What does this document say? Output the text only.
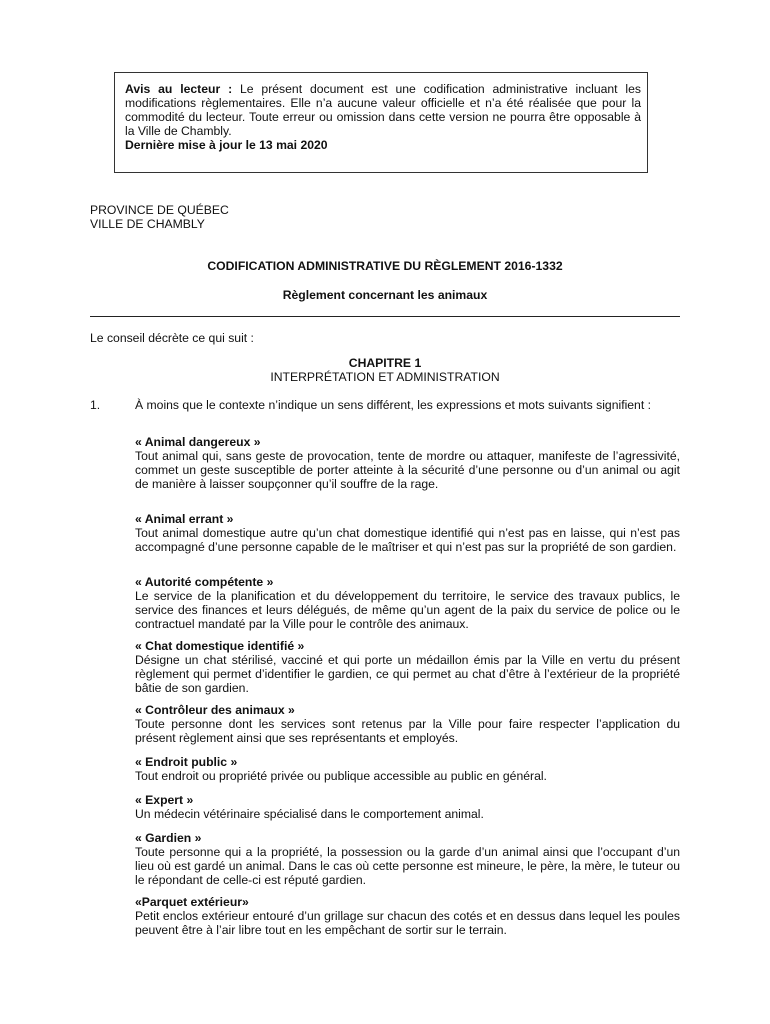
Avis au lecteur : Le présent document est une codification administrative incluant les modifications règlementaires. Elle n’a aucune valeur officielle et n’a été réalisée que pour la commodité du lecteur. Toute erreur ou omission dans cette version ne pourra être opposable à la Ville de Chambly.
Dernière mise à jour le 13 mai 2020
PROVINCE DE QUÉBEC
VILLE DE CHAMBLY
CODIFICATION ADMINISTRATIVE DU RÈGLEMENT 2016-1332
Règlement concernant les animaux
Le conseil décrète ce qui suit :
CHAPITRE 1
INTERPRÉTATION ET ADMINISTRATION
1.	À moins que le contexte n’indique un sens différent, les expressions et mots suivants signifient :
« Animal dangereux »
Tout animal qui, sans geste de provocation, tente de mordre ou attaquer, manifeste de l’agressivité, commet un geste susceptible de porter atteinte à la sécurité d’une personne ou d’un animal ou agit de manière à laisser soupçonner qu’il souffre de la rage.
« Animal errant »
Tout animal domestique autre qu’un chat domestique identifié qui n’est pas en laisse, qui n’est pas accompagné d’une personne capable de le maîtriser et qui n’est pas sur la propriété de son gardien.
« Autorité compétente »
Le service de la planification et du développement du territoire, le service des travaux publics, le service des finances et leurs délégués, de même qu’un agent de la paix du service de police ou le contractuel mandaté par la Ville pour le contrôle des animaux.
« Chat domestique identifié »
Désigne un chat stérilisé, vacciné et qui porte un médaillon émis par la Ville en vertu du présent règlement qui permet d’identifier le gardien, ce qui permet au chat d’être à l’extérieur de la propriété bâtie de son gardien.
« Contrôleur des animaux »
Toute personne dont les services sont retenus par la Ville pour faire respecter l’application du présent règlement ainsi que ses représentants et employés.
« Endroit public »
Tout endroit ou propriété privée ou publique accessible au public en général.
« Expert »
Un médecin vétérinaire spécialisé dans le comportement animal.
« Gardien »
Toute personne qui a la propriété, la possession ou la garde d’un animal ainsi que l’occupant d’un lieu où est gardé un animal. Dans le cas où cette personne est mineure, le père, la mère, le tuteur ou le répondant de celle-ci est réputé gardien.
«Parquet extérieur»
Petit enclos extérieur entouré d’un grillage sur chacun des cotés et en dessus dans lequel les poules peuvent être à l’air libre tout en les empêchant de sortir sur le terrain.
